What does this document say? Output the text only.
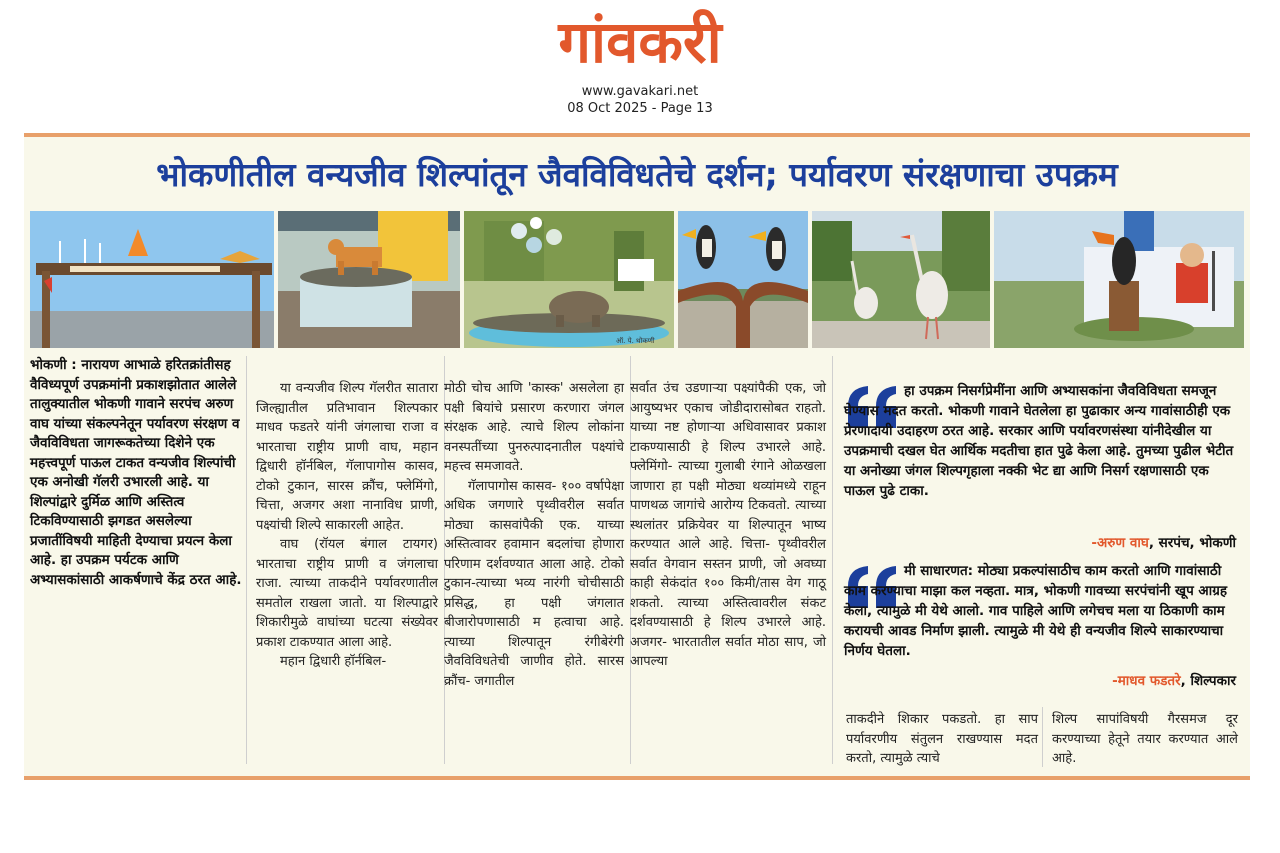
गांवकरी
www.gavakari.net
08 Oct 2025 - Page 13
भोकणीतील वन्यजीव शिल्पांतून जैवविविधतेचे दर्शन; पर्यावरण संरक्षणाचा उपक्रम
ऑ. पे. थोकणी
भोकणी : नारायण आभाळे हरितक्रांतीसह वैविध्यपूर्ण उपक्रमांनी प्रकाशझोतात आलेले तालुक्यातील भोकणी गावाने सरपंच अरुण वाघ यांच्या संकल्पनेतून पर्यावरण संरक्षण व जैवविविधता जागरूकतेच्या दिशेने एक महत्त्वपूर्ण पाऊल टाकत वन्यजीव शिल्पांची एक अनोखी गॅलरी उभारली आहे. या शिल्पांद्वारे दुर्मिळ आणि अस्तित्व टिकविण्यासाठी झगडत असलेल्या प्रजातींविषयी माहिती देण्याचा प्रयत्न केला आहे. हा उपक्रम पर्यटक आणि अभ्यासकांसाठी आकर्षणाचे केंद्र ठरत आहे.

या वन्यजीव शिल्प गॅलरीत सातारा जिल्ह्यातील प्रतिभावान शिल्पकार माधव फडतरे यांनी जंगलाचा राजा व भारताचा राष्ट्रीय प्राणी वाघ, महान द्विधारी हॉर्नबिल, गॅलापागोस कासव, टोको टुकान, सारस क्रौंच, फ्लेमिंगो, चित्ता, अजगर अशा नानाविध प्राणी, पक्ष्यांची शिल्पे साकारली आहेत.

वाघ (रॉयल बंगाल टायगर) भारताचा राष्ट्रीय प्राणी व जंगलाचा राजा. त्याच्या ताकदीने पर्यावरणातील समतोल राखला जातो. या शिल्पाद्वारे शिकारीमुळे वाघांच्या घटत्या संख्येवर प्रकाश टाकण्यात आला आहे.

महान द्विधारी हॉर्नबिल-

मोठी चोच आणि 'कास्क' असलेला हा पक्षी बियांचे प्रसारण करणारा जंगल संरक्षक आहे. त्याचे शिल्प लोकांना वनस्पतींच्या पुनरुत्पादनातील पक्ष्यांचे महत्त्व समजावते.

गॅलापागोस कासव- १०० वर्षापेक्षा अधिक जगणारे पृथ्वीवरील सर्वात मोठ्या कासवांपैकी एक. याच्या अस्तित्वावर हवामान बदलांचा होणारा परिणाम दर्शवण्यात आला आहे. टोको टुकान-त्याच्या भव्य नारंगी चोचीसाठी प्रसिद्ध, हा पक्षी जंगलात बीजारोपणासाठी म हत्वाचा आहे. त्याच्या शिल्पातून रंगीबेरंगी जैवविविधतेची जाणीव होते. सारस क्रौंच- जगातील

सर्वात उंच उडणाऱ्या पक्ष्यांपैकी एक, जो आयुष्यभर एकाच जोडीदारासोबत राहतो. याच्या नष्ट होणाऱ्या अधिवासावर प्रकाश टाकण्यासाठी हे शिल्प उभारले आहे. फ्लेमिंगो- त्याच्या गुलाबी रंगाने ओळखला जाणारा हा पक्षी मोठ्या थव्यांमध्ये राहून पाणथळ जागांचे आरोग्य टिकवतो. त्याच्या स्थलांतर प्रक्रियेवर या शिल्पातून भाष्य करण्यात आले आहे. चित्ता- पृथ्वीवरील सर्वात वेगवान सस्तन प्राणी, जो अवघ्या काही सेकंदांत १०० किमी/तास वेग गाठू शकतो. त्याच्या अस्तित्वावरील संकट दर्शवण्यासाठी हे शिल्प उभारले आहे. अजगर- भारतातील सर्वात मोठा साप, जो आपल्या

हा उपक्रम निसर्गप्रेमींना आणि अभ्यासकांना जैवविविधता समजून घेण्यास मदत करतो. भोकणी गावाने घेतलेला हा पुढाकार अन्य गावांसाठीही एक प्रेरणादायी उदाहरण ठरत आहे. सरकार आणि पर्यावरणसंस्था यांनीदेखील या उपक्रमाची दखल घेत आर्थिक मदतीचा हात पुढे केला आहे. तुमच्या पुढील भेटीत या अनोख्या जंगल शिल्पगृहाला नक्की भेट द्या आणि निसर्ग रक्षणासाठी एक पाऊल पुढे टाका.
-अरुण वाघ, सरपंच, भोकणी
मी साधारणत: मोठ्या प्रकल्पांसाठीच काम करतो आणि गावांसाठी काम करण्याचा माझा कल नव्हता. मात्र, भोकणी गावच्या सरपंचांनी खूप आग्रह केला, त्यामुळे मी येथे आलो. गाव पाहिले आणि लगेचच मला या ठिकाणी काम करायची आवड निर्माण झाली. त्यामुळे मी येथे ही वन्यजीव शिल्पे साकारण्याचा निर्णय घेतला.
-माधव फडतरे, शिल्पकार

ताकदीने शिकार पकडतो. हा साप पर्यावरणीय संतुलन राखण्यास मदत करतो, त्यामुळे त्याचे

शिल्प सापांविषयी गैरसमज दूर करण्याच्या हेतूने तयार करण्यात आले आहे.
